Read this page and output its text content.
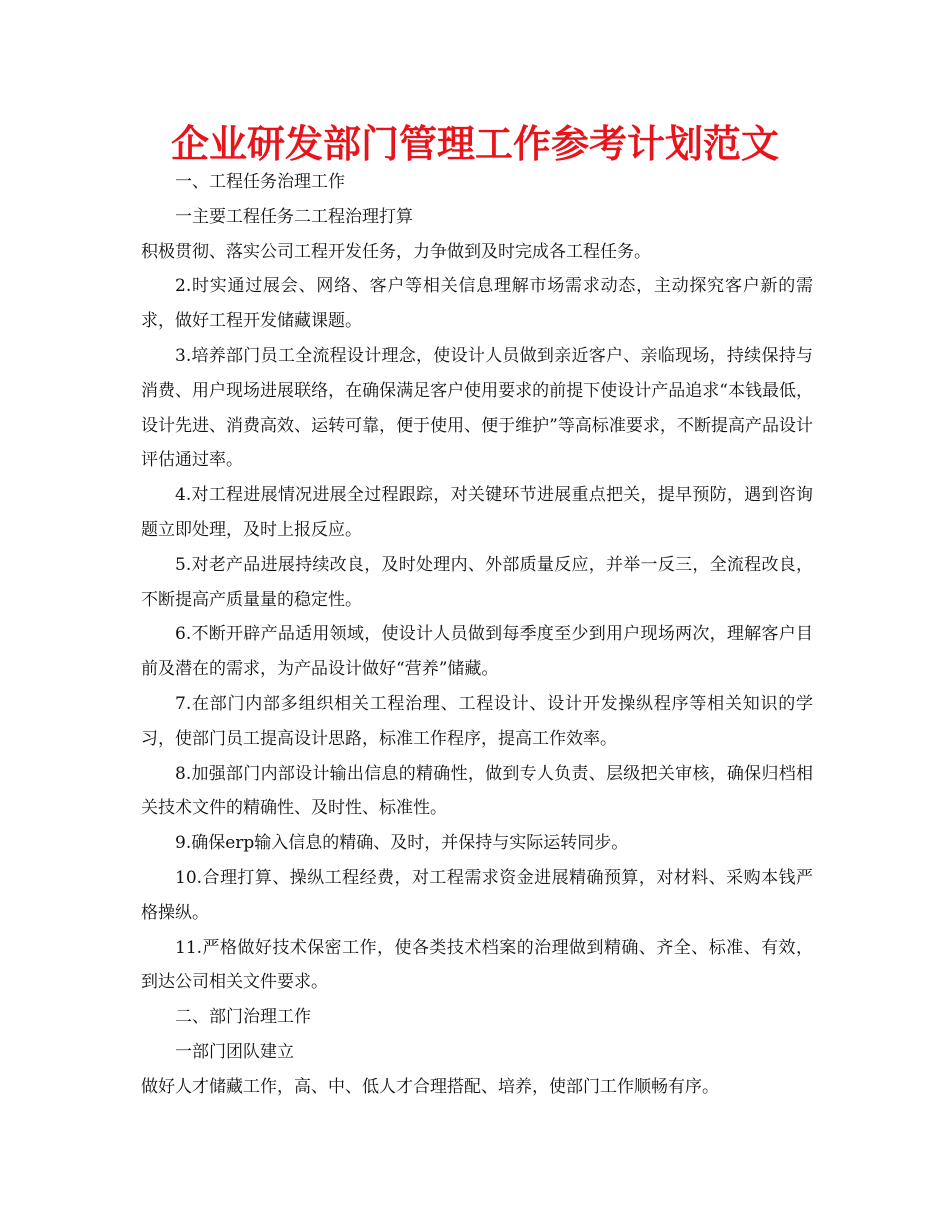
企业研发部门管理工作参考计划范文

一、工程任务治理工作

一主要工程任务二工程治理打算

积极贯彻、落实公司工程开发任务，力争做到及时完成各工程任务。

2.时实通过展会、网络、客户等相关信息理解市场需求动态，主动探究客户新的需求，做好工程开发储藏课题。

3.培养部门员工全流程设计理念，使设计人员做到亲近客户、亲临现场，持续保持与消费、用户现场进展联络，在确保满足客户使用要求的前提下使设计产品追求“本钱最低，设计先进、消费高效、运转可靠，便于使用、便于维护”等高标准要求，不断提高产品设计评估通过率。

4.对工程进展情况进展全过程跟踪，对关键环节进展重点把关，提早预防，遇到咨询题立即处理，及时上报反应。

5.对老产品进展持续改良，及时处理内、外部质量反应，并举一反三，全流程改良，不断提高产质量量的稳定性。

6.不断开辟产品适用领域，使设计人员做到每季度至少到用户现场两次，理解客户目前及潜在的需求，为产品设计做好“营养”储藏。

7.在部门内部多组织相关工程治理、工程设计、设计开发操纵程序等相关知识的学习，使部门员工提高设计思路，标准工作程序，提高工作效率。

8.加强部门内部设计输出信息的精确性，做到专人负责、层级把关审核，确保归档相关技术文件的精确性、及时性、标准性。

9.确保erp输入信息的精确、及时，并保持与实际运转同步。

10.合理打算、操纵工程经费，对工程需求资金进展精确预算，对材料、采购本钱严格操纵。

11.严格做好技术保密工作，使各类技术档案的治理做到精确、齐全、标准、有效，到达公司相关文件要求。

二、部门治理工作

一部门团队建立

做好人才储藏工作，高、中、低人才合理搭配、培养，使部门工作顺畅有序。
